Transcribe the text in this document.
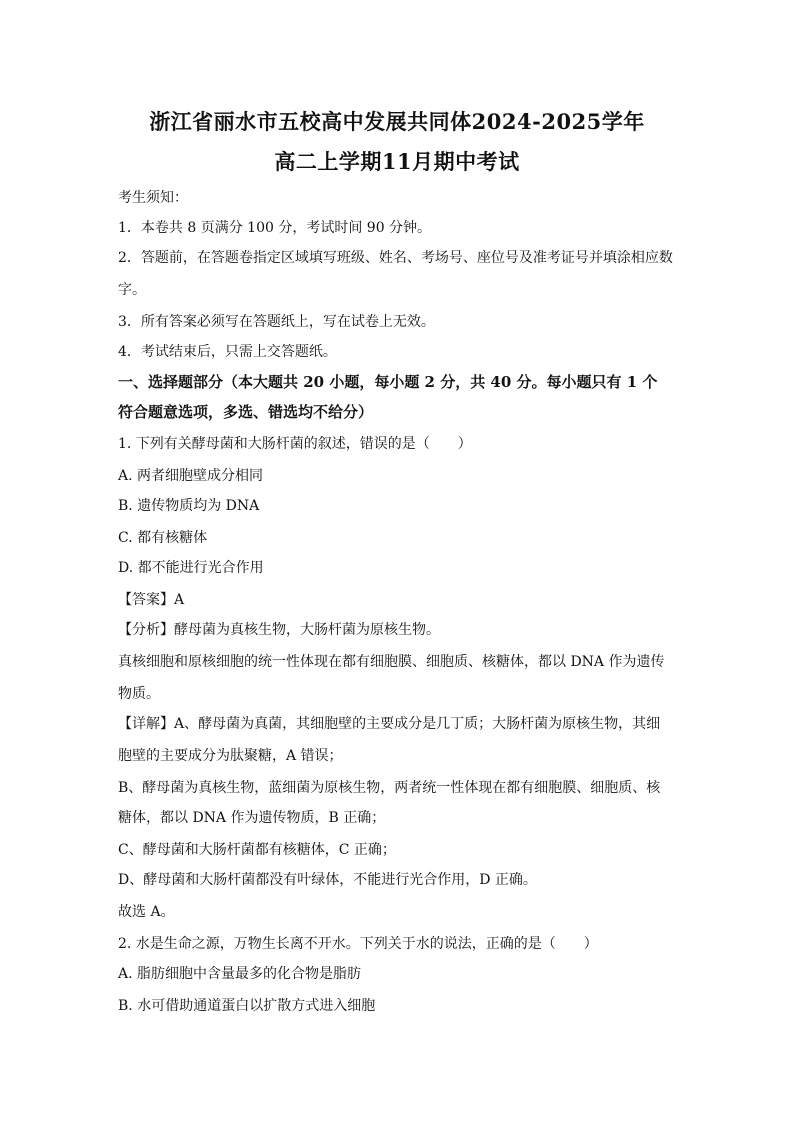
浙江省丽水市五校高中发展共同体2024-2025学年
高二上学期11月期中考试
考生须知：
1．本卷共 8 页满分 100 分，考试时间 90 分钟。
2．答题前，在答题卷指定区域填写班级、姓名、考场号、座位号及准考证号并填涂相应数
字。
3．所有答案必须写在答题纸上，写在试卷上无效。
4．考试结束后，只需上交答题纸。
一、选择题部分（本大题共 20 小题，每小题 2 分，共 40 分。每小题只有 1 个
符合题意选项，多选、错选均不给分）
1. 下列有关酵母菌和大肠杆菌的叙述，错误的是（　　）
A. 两者细胞壁成分相同
B. 遗传物质均为 DNA
C. 都有核糖体
D. 都不能进行光合作用
【答案】A
【分析】酵母菌为真核生物，大肠杆菌为原核生物。
真核细胞和原核细胞的统一性体现在都有细胞膜、细胞质、核糖体，都以 DNA 作为遗传
物质。
【详解】A、酵母菌为真菌，其细胞壁的主要成分是几丁质；大肠杆菌为原核生物，其细
胞壁的主要成分为肽聚糖，A 错误；
B、酵母菌为真核生物，蓝细菌为原核生物，两者统一性体现在都有细胞膜、细胞质、核
糖体，都以 DNA 作为遗传物质，B 正确；
C、酵母菌和大肠杆菌都有核糖体，C 正确；
D、酵母菌和大肠杆菌都没有叶绿体，不能进行光合作用，D 正确。
故选 A。
2. 水是生命之源，万物生长离不开水。下列关于水的说法，正确的是（　　）
A. 脂肪细胞中含量最多的化合物是脂肪
B. 水可借助通道蛋白以扩散方式进入细胞
